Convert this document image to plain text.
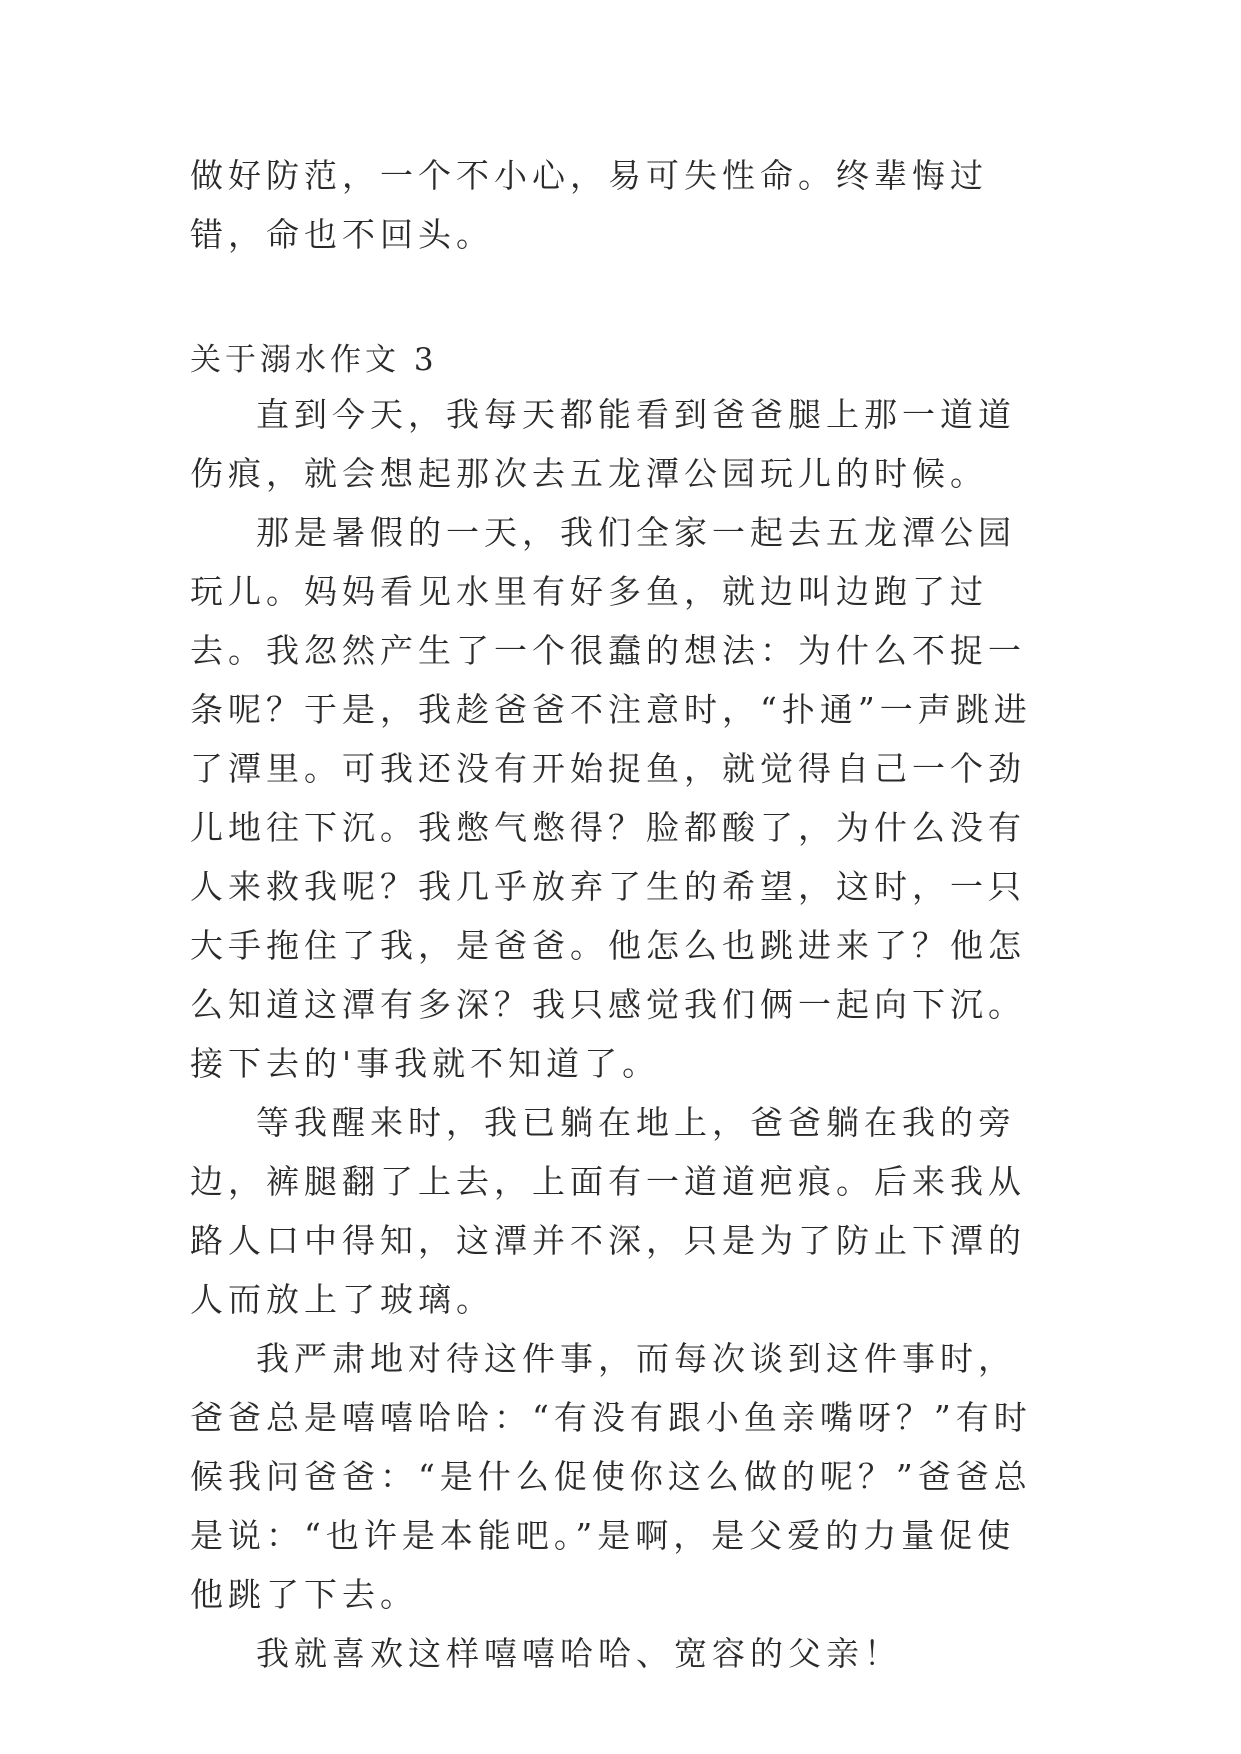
做好防范，一个不小心，易可失性命。终辈悔过错，命也不回头。

关于溺水作文 3

直到今天，我每天都能看到爸爸腿上那一道道伤痕，就会想起那次去五龙潭公园玩儿的时候。

那是暑假的一天，我们全家一起去五龙潭公园玩儿。妈妈看见水里有好多鱼，就边叫边跑了过去。我忽然产生了一个很蠢的想法：为什么不捉一条呢？于是，我趁爸爸不注意时，“扑通”一声跳进了潭里。可我还没有开始捉鱼，就觉得自己一个劲儿地往下沉。我憋气憋得？脸都酸了，为什么没有人来救我呢？我几乎放弃了生的希望，这时，一只大手拖住了我，是爸爸。他怎么也跳进来了？他怎么知道这潭有多深？我只感觉我们俩一起向下沉。接下去的'事我就不知道了。

等我醒来时，我已躺在地上，爸爸躺在我的旁边，裤腿翻了上去，上面有一道道疤痕。后来我从路人口中得知，这潭并不深，只是为了防止下潭的人而放上了玻璃。

我严肃地对待这件事，而每次谈到这件事时，爸爸总是嘻嘻哈哈：“有没有跟小鱼亲嘴呀？”有时候我问爸爸：“是什么促使你这么做的呢？”爸爸总是说：“也许是本能吧。”是啊，是父爱的力量促使他跳了下去。

我就喜欢这样嘻嘻哈哈、宽容的父亲！
